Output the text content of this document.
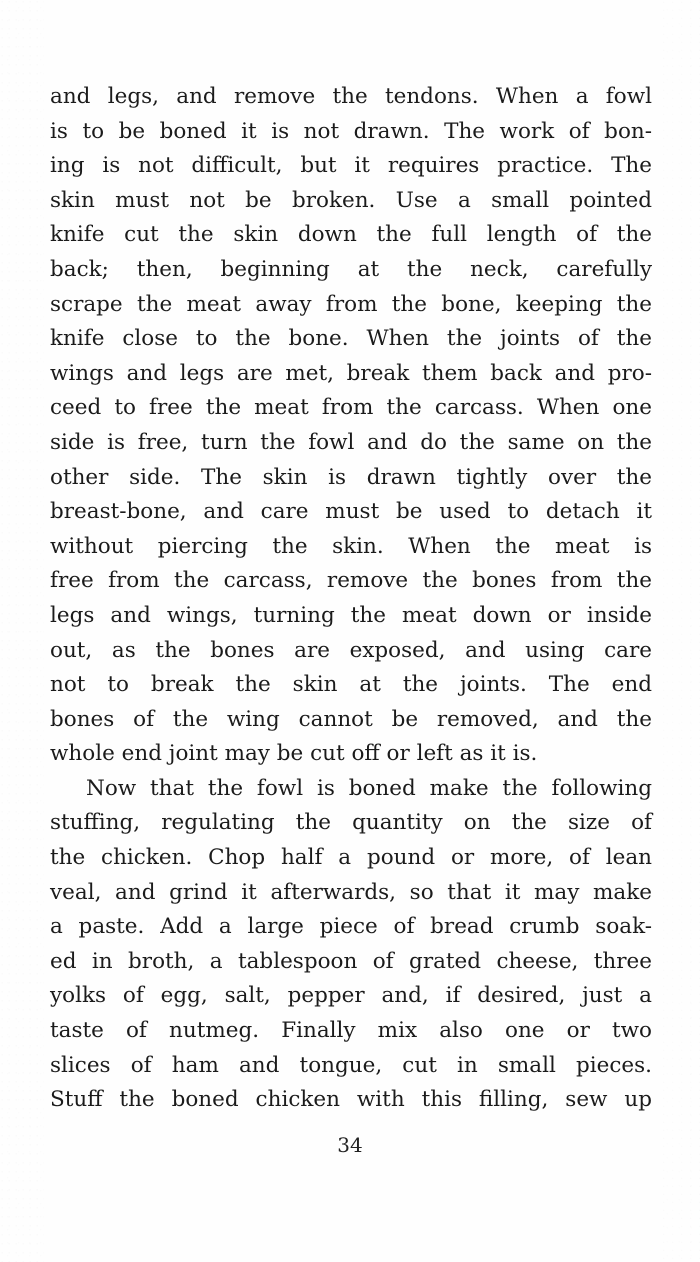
and legs, and remove the tendons. When a fowl
is to be boned it is not drawn. The work of bon-
ing is not difficult, but it requires practice. The
skin must not be broken. Use a small pointed
knife cut the skin down the full length of the
back; then, beginning at the neck, carefully
scrape the meat away from the bone, keeping the
knife close to the bone. When the joints of the
wings and legs are met, break them back and pro-
ceed to free the meat from the carcass. When one
side is free, turn the fowl and do the same on the
other side. The skin is drawn tightly over the
breast-bone, and care must be used to detach it
without piercing the skin. When the meat is
free from the carcass, remove the bones from the
legs and wings, turning the meat down or inside
out, as the bones are exposed, and using care
not to break the skin at the joints. The end
bones of the wing cannot be removed, and the
whole end joint may be cut off or left as it is.
Now that the fowl is boned make the following
stuffing, regulating the quantity on the size of
the chicken. Chop half a pound or more, of lean
veal, and grind it afterwards, so that it may make
a paste. Add a large piece of bread crumb soak-
ed in broth, a tablespoon of grated cheese, three
yolks of egg, salt, pepper and, if desired, just a
taste of nutmeg. Finally mix also one or two
slices of ham and tongue, cut in small pieces.
Stuff the boned chicken with this filling, sew up
34
